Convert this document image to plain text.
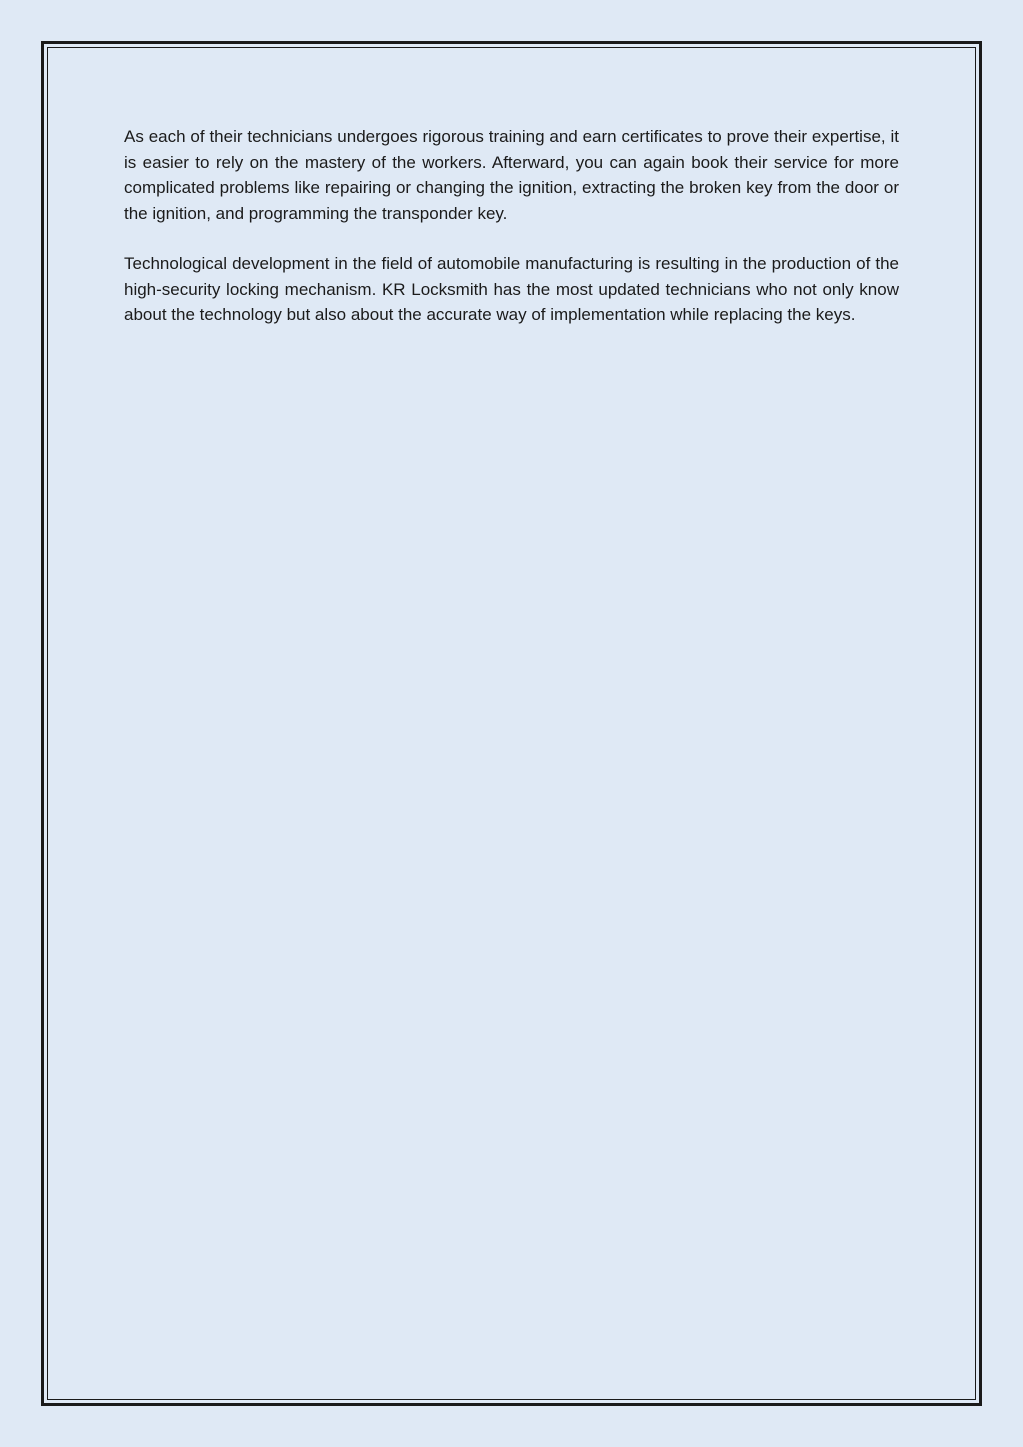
As each of their technicians undergoes rigorous training and earn certificates to prove their expertise, it is easier to rely on the mastery of the workers. Afterward, you can again book their service for more complicated problems like repairing or changing the ignition, extracting the broken key from the door or the ignition, and programming the transponder key.

Technological development in the field of automobile manufacturing is resulting in the production of the high-security locking mechanism. KR Locksmith has the most updated technicians who not only know about the technology but also about the accurate way of implementation while replacing the keys.
